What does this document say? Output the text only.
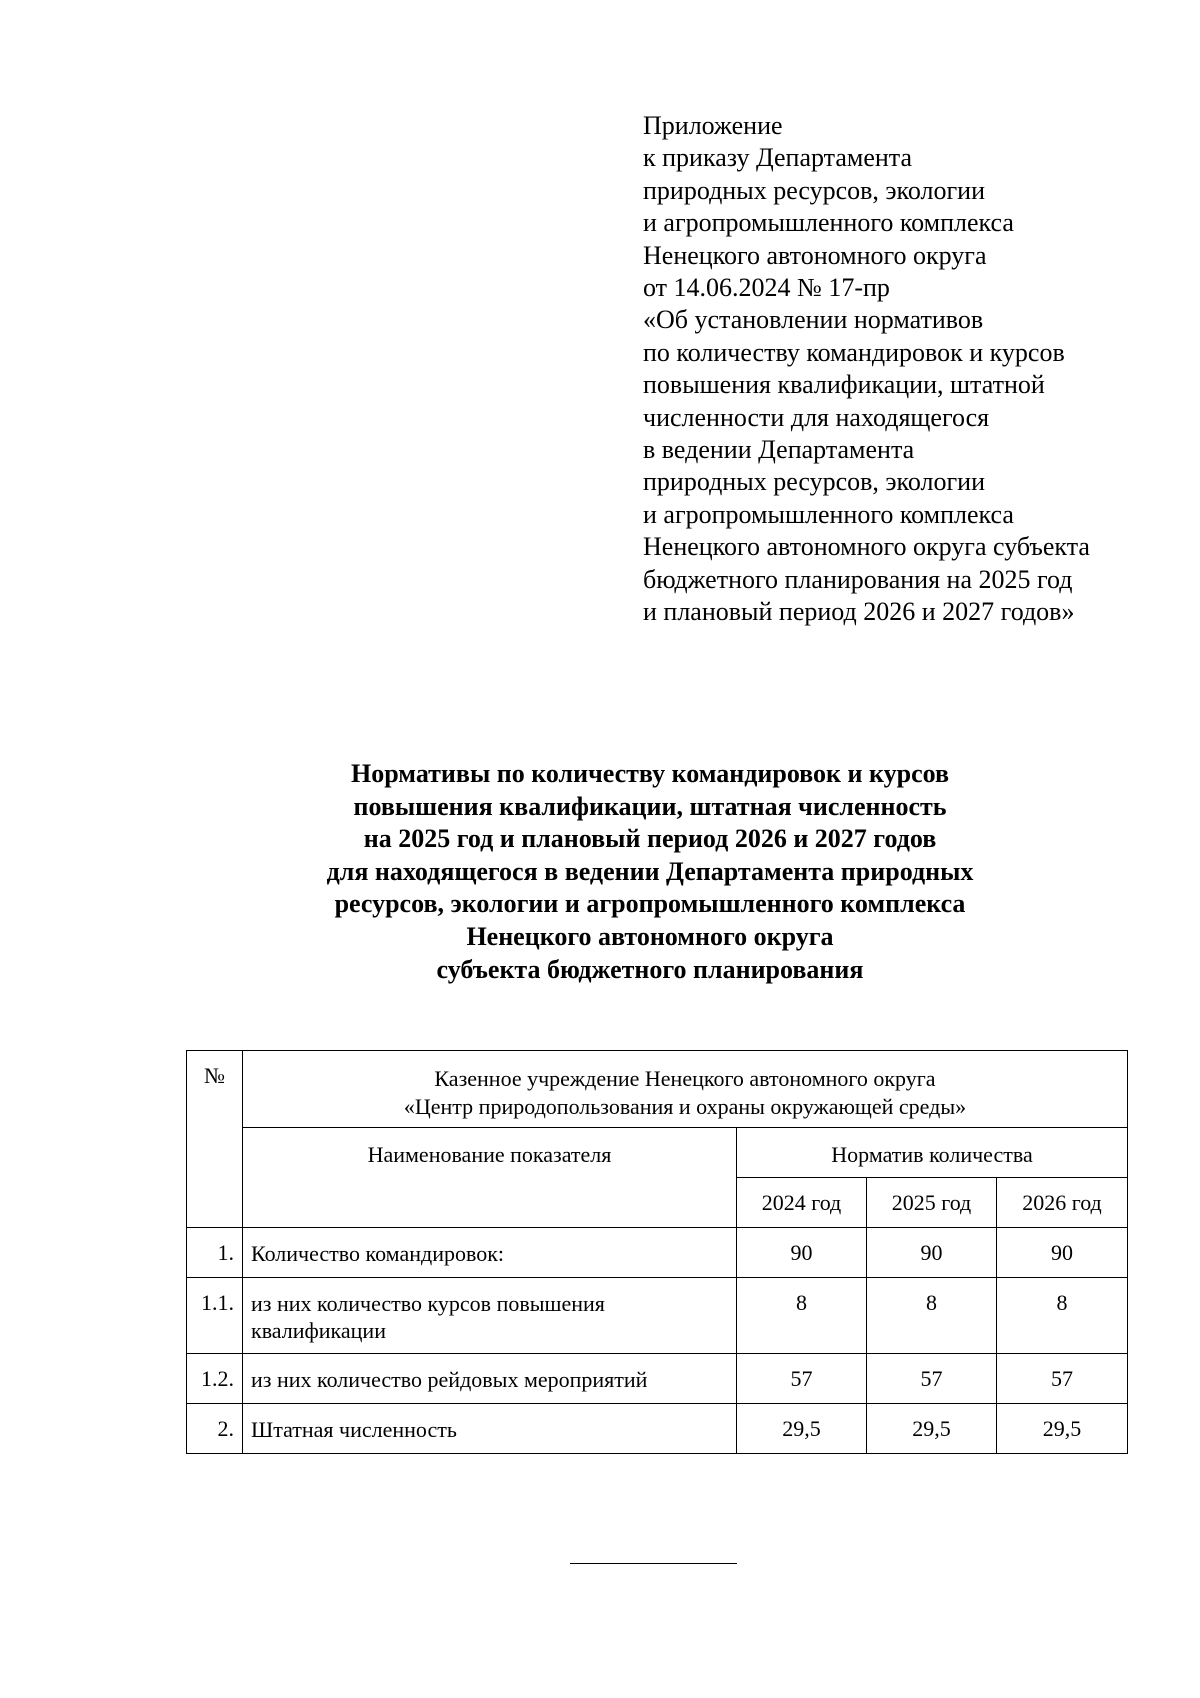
Приложение
к приказу Департамента
природных ресурсов, экологии
и агропромышленного комплекса
Ненецкого автономного округа
от 14.06.2024 № 17-пр
«Об установлении нормативов
по количеству командировок и курсов
повышения квалификации, штатной
численности для находящегося
в ведении Департамента
природных ресурсов, экологии
и агропромышленного комплекса
Ненецкого автономного округа субъекта
бюджетного планирования на 2025 год
и плановый период 2026 и 2027 годов»
Нормативы по количеству командировок и курсов
повышения квалификации, штатная численность
на 2025 год и плановый период 2026 и 2027 годов
для находящегося в ведении Департамента природных
ресурсов, экологии и агропромышленного комплекса
Ненецкого автономного округа
субъекта бюджетного планирования
№	Казенное учреждение Ненецкого автономного округа
«Центр природопользования и охраны окружающей среды»			

	Наименование показателя	Норматив количества		
		2024 год	2025 год	2026 год
1.	Количество командировок:	90	90	90
1.1.	из них количество курсов повышения квалификации	8	8	8
1.2.	из них количество рейдовых мероприятий	57	57	57
2.	Штатная численность	29,5	29,5	29,5
